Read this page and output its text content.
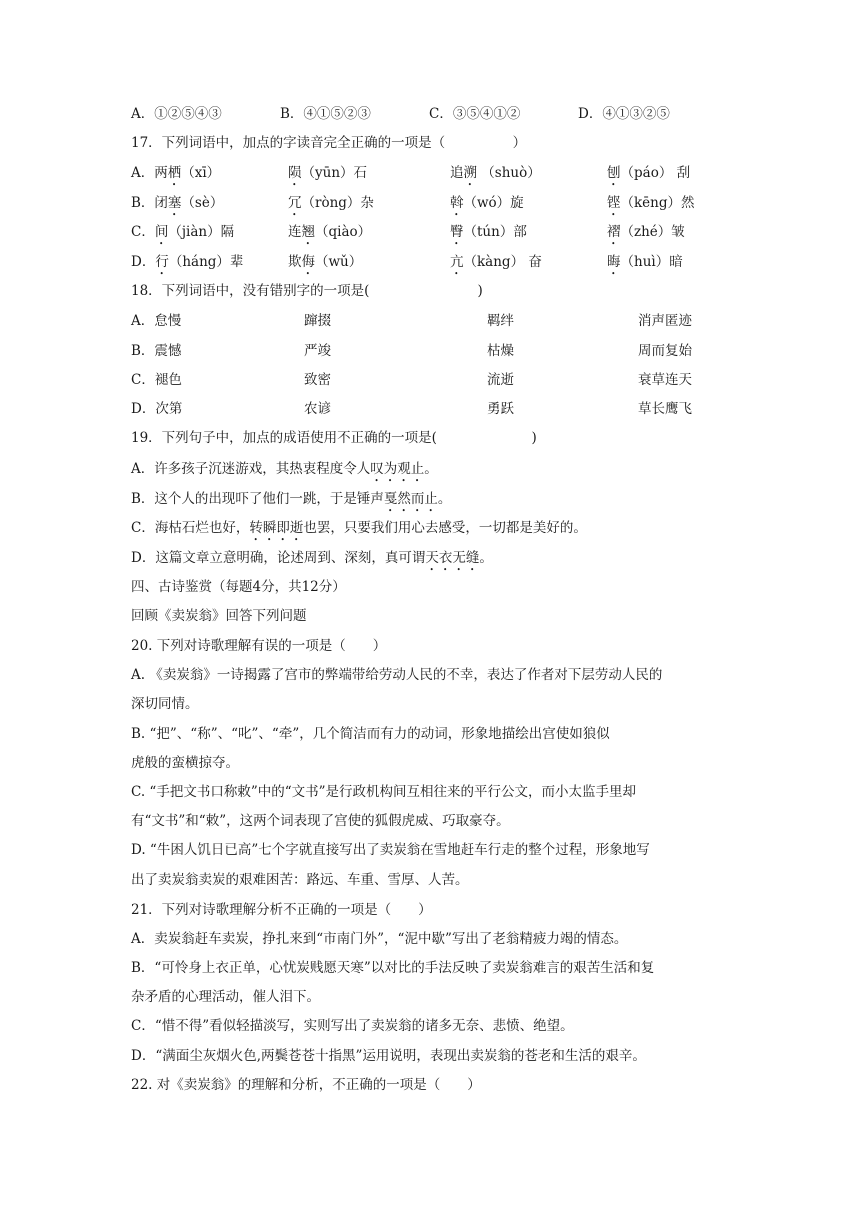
A．①②⑤④③	B．④①⑤②③	C．③⑤④①②	D．④①③②⑤
17．下列词语中，加点的字读音完全正确的一项是（　　　　　）
A．两栖（xī）	陨（yūn）石	追溯 （shuò）	刨（páo） 刮
B．闭塞（sè）	冗（ròng）杂	斡（wó）旋	铿（kēng）然
C．间（jiàn）隔	连翘（qiào）	臀（tún）部	褶（zhé）皱
D．行（háng）辈	欺侮（wǔ）	亢（kàng） 奋	晦（huì）暗
18．下列词语中，没有错别字的一项是(　　　　　　　　)
A．怠慢	蹿掇	羁绊	消声匿迹
B．震憾	严竣	枯燥	周而复始
C．褪色	致密	流逝	衰草连天
D．次第	农谚	勇跃	草长鹰飞
19．下列句子中，加点的成语使用不正确的一项是(　　　　　　　)
A．许多孩子沉迷游戏，其热衷程度令人叹为观止。
B．这个人的出现吓了他们一跳，于是锤声戛然而止。
C．海枯石烂也好，转瞬即逝也罢，只要我们用心去感受，一切都是美好的。
D．这篇文章立意明确，论述周到、深刻，真可谓天衣无缝。
四、古诗鉴赏（每题4分，共12分）
回顾《卖炭翁》回答下列问题
20. 下列对诗歌理解有误的一项是（　　）
A. 《卖炭翁》一诗揭露了宫市的弊端带给劳动人民的不幸，表达了作者对下层劳动人民的
深切同情。
B. “把”、“称”、“叱”、“牵”，几个简洁而有力的动词，形象地描绘出宫使如狼似
虎般的蛮横掠夺。
C. “手把文书口称敕”中的“文书”是行政机构间互相往来的平行公文，而小太监手里却
有“文书”和“敕”，这两个词表现了宫使的狐假虎威、巧取豪夺。
D. “牛困人饥日已高”七个字就直接写出了卖炭翁在雪地赶车行走的整个过程，形象地写
出了卖炭翁卖炭的艰难困苦：路远、车重、雪厚、人苦。
21．下列对诗歌理解分析不正确的一项是（　　）
A．卖炭翁赶车卖炭，挣扎来到“市南门外”，“泥中歇”写出了老翁精疲力竭的情态。
B．“可怜身上衣正单，心忧炭贱愿天寒”以对比的手法反映了卖炭翁难言的艰苦生活和复
杂矛盾的心理活动，催人泪下。
C．“惜不得”看似轻描淡写，实则写出了卖炭翁的诸多无奈、悲愤、绝望。
D．“满面尘灰烟火色,两鬓苍苍十指黑”运用说明，表现出卖炭翁的苍老和生活的艰辛。
22. 对《卖炭翁》的理解和分析，不正确的一项是（　　）
